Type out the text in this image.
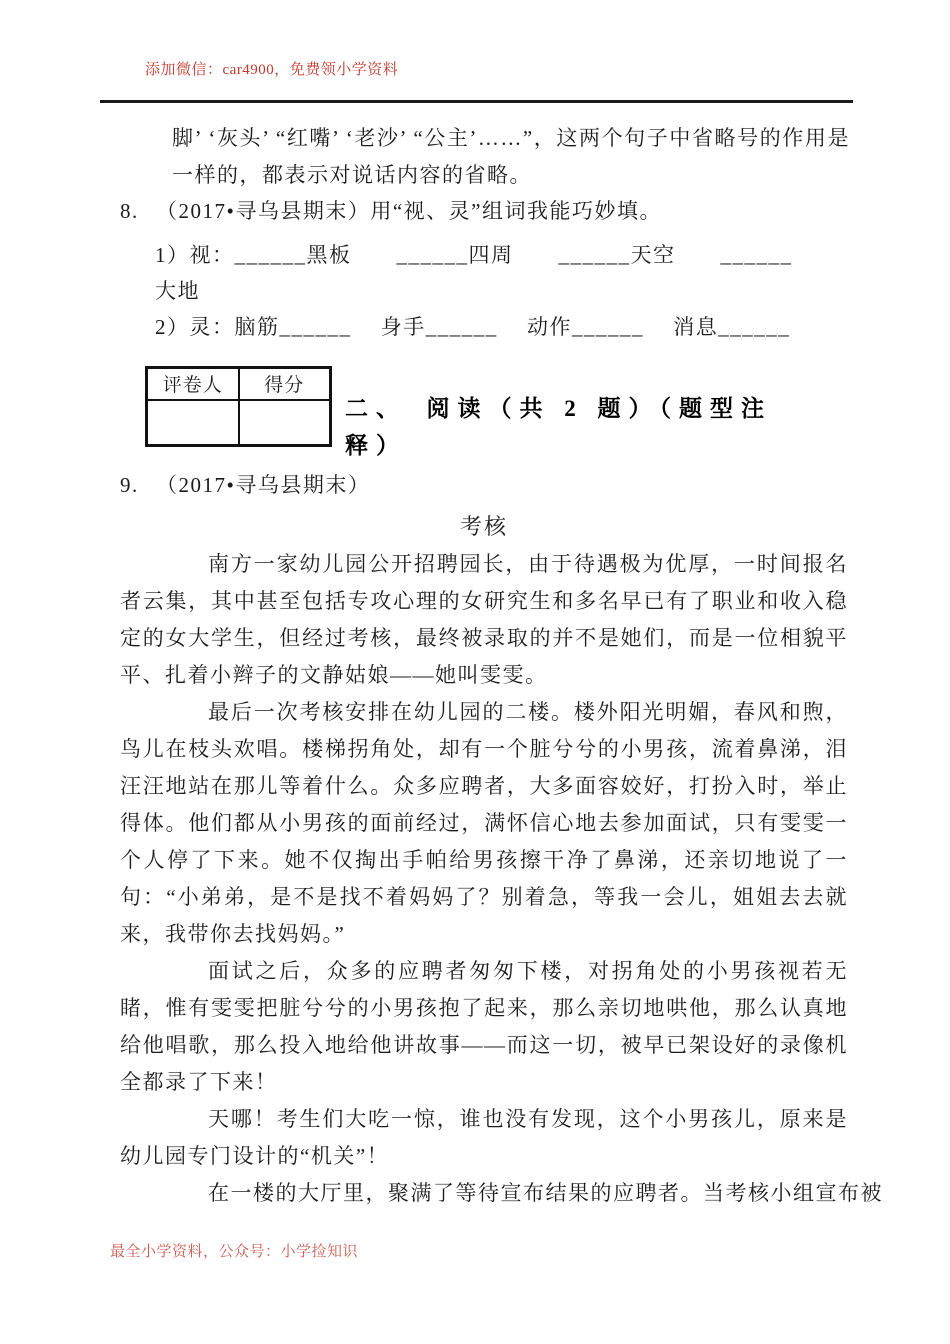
添加微信：car4900，免费领小学资料
脚’ ‘灰头’ “红嘴’ ‘老沙’ “公主’……”，这两个句子中省略号的作用是一样的，都表示对说话内容的省略。
8. （2017•寻乌县期末）用“视、灵”组词我能巧妙填。
1）视：______黑板　　______四周　　______天空　　______
大地
2）灵：脑筋______　 身手______　 动作______　 消息______
评卷人	得分

二、　阅读（共 2 题）（题型注
释）
9. （2017•寻乌县期末）
考核

南方一家幼儿园公开招聘园长，由于待遇极为优厚，一时间报名者云集，其中甚至包括专攻心理的女研究生和多名早已有了职业和收入稳定的女大学生，但经过考核，最终被录取的并不是她们，而是一位相貌平平、扎着小辫子的文静姑娘——她叫雯雯。

最后一次考核安排在幼儿园的二楼。楼外阳光明媚，春风和煦，鸟儿在枝头欢唱。楼梯拐角处，却有一个脏兮兮的小男孩，流着鼻涕，泪汪汪地站在那儿等着什么。众多应聘者，大多面容姣好，打扮入时，举止得体。他们都从小男孩的面前经过，满怀信心地去参加面试，只有雯雯一个人停了下来。她不仅掏出手帕给男孩擦干净了鼻涕，还亲切地说了一句：“小弟弟，是不是找不着妈妈了？别着急，等我一会儿，姐姐去去就来，我带你去找妈妈。”

面试之后，众多的应聘者匆匆下楼，对拐角处的小男孩视若无睹，惟有雯雯把脏兮兮的小男孩抱了起来，那么亲切地哄他，那么认真地给他唱歌，那么投入地给他讲故事——而这一切，被早已架设好的录像机全都录了下来！

天哪！考生们大吃一惊，谁也没有发现，这个小男孩儿，原来是幼儿园专门设计的“机关”！

在一楼的大厅里，聚满了等待宣布结果的应聘者。当考核小组宣布被

最全小学资料，公众号：小学捡知识
